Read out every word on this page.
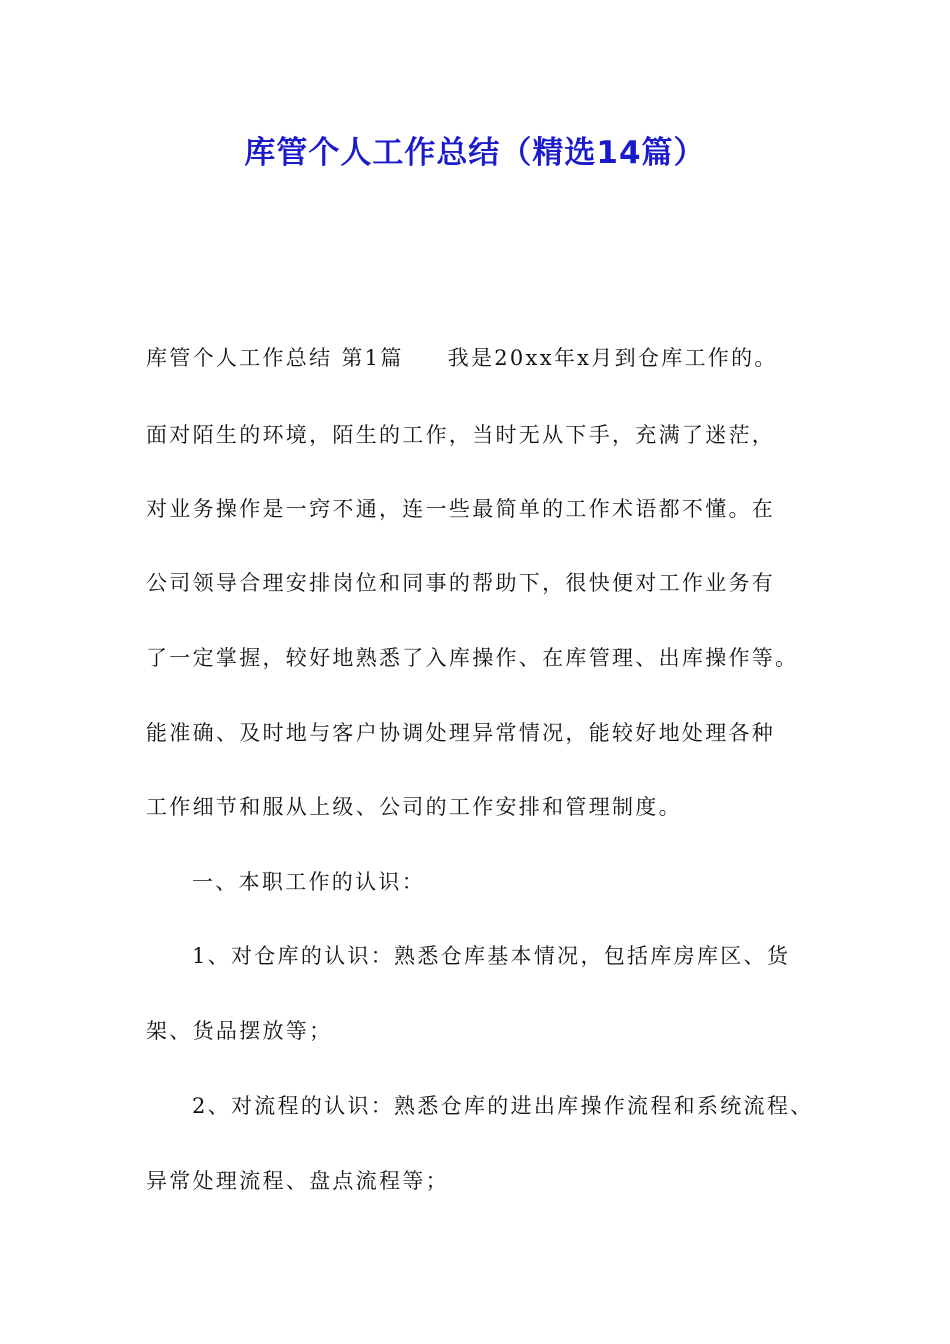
库管个人工作总结（精选14篇）

库管个人工作总结 第1篇 我是20xx年x月到仓库工作的。

面对陌生的环境，陌生的工作，当时无从下手，充满了迷茫，

对业务操作是一窍不通，连一些最简单的工作术语都不懂。在

公司领导合理安排岗位和同事的帮助下，很快便对工作业务有

了一定掌握，较好地熟悉了入库操作、在库管理、出库操作等。

能准确、及时地与客户协调处理异常情况，能较好地处理各种

工作细节和服从上级、公司的工作安排和管理制度。

一、本职工作的认识：

1、对仓库的认识：熟悉仓库基本情况，包括库房库区、货

架、货品摆放等；

2、对流程的认识：熟悉仓库的进出库操作流程和系统流程、

异常处理流程、盘点流程等；
